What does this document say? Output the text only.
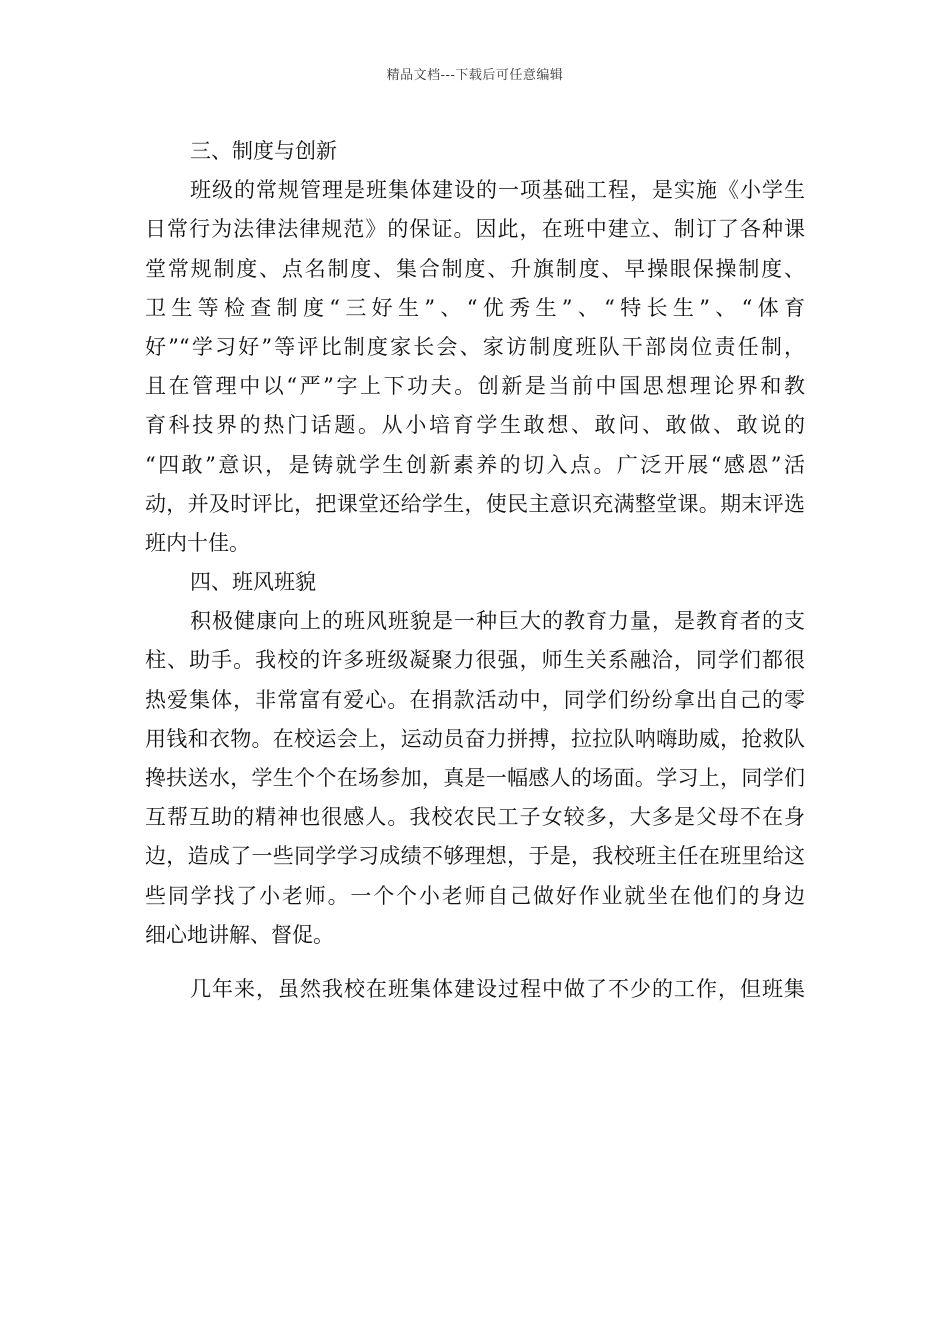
精品文档---下载后可任意编辑
三、制度与创新
班级的常规管理是班集体建设的一项基础工程，是实施《小学生
日常行为法律法律规范》的保证。因此，在班中建立、制订了各种课
堂常规制度、点名制度、集合制度、升旗制度、早操眼保操制度、
卫生等检查制度“三好生”、“优秀生”、“特长生”、“体育
好”“学习好”等评比制度家长会、家访制度班队干部岗位责任制，
且在管理中以“严”字上下功夫。创新是当前中国思想理论界和教
育科技界的热门话题。从小培育学生敢想、敢问、敢做、敢说的
“四敢”意识，是铸就学生创新素养的切入点。广泛开展“感恩”活
动，并及时评比，把课堂还给学生，使民主意识充满整堂课。期末评选
班内十佳。
四、班风班貌
积极健康向上的班风班貌是一种巨大的教育力量，是教育者的支
柱、助手。我校的许多班级凝聚力很强，师生关系融洽，同学们都很
热爱集体，非常富有爱心。在捐款活动中，同学们纷纷拿出自己的零
用钱和衣物。在校运会上，运动员奋力拼搏，拉拉队呐嗨助威，抢救队
搀扶送水，学生个个在场参加，真是一幅感人的场面。学习上，同学们
互帮互助的精神也很感人。我校农民工子女较多，大多是父母不在身
边，造成了一些同学学习成绩不够理想，于是，我校班主任在班里给这
些同学找了小老师。一个个小老师自己做好作业就坐在他们的身边
细心地讲解、督促。
几年来，虽然我校在班集体建设过程中做了不少的工作，但班集
